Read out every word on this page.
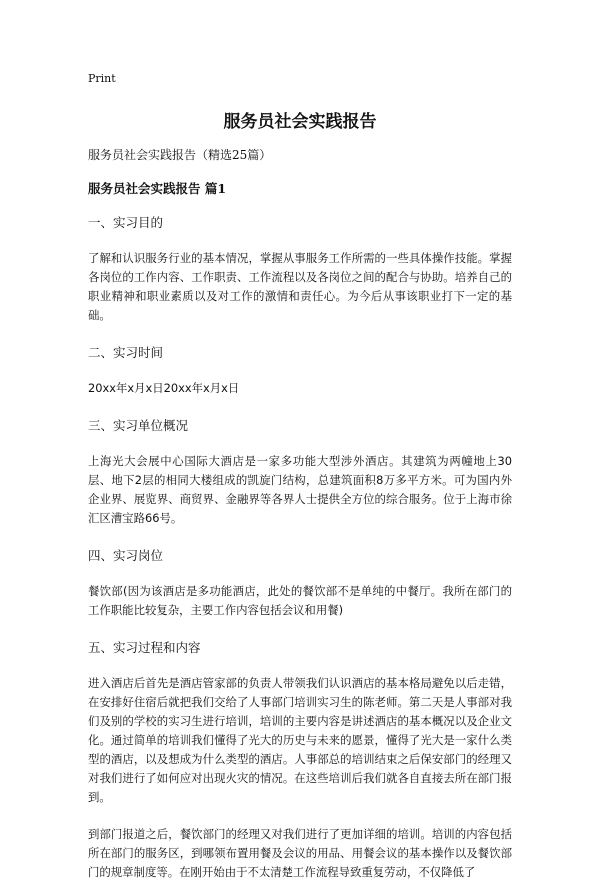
Print
服务员社会实践报告
服务员社会实践报告（精选25篇）
服务员社会实践报告 篇1
一、实习目的

了解和认识服务行业的基本情况，掌握从事服务工作所需的一些具体操作技能。掌握各岗位的工作内容、工作职责、工作流程以及各岗位之间的配合与协助。培养自己的职业精神和职业素质以及对工作的激情和责任心。为今后从事该职业打下一定的基础。

二、实习时间

20xx年x月x日20xx年x月x日

三、实习单位概况

上海光大会展中心国际大酒店是一家多功能大型涉外酒店。其建筑为两幢地上30层、地下2层的相同大楼组成的凯旋门结构，总建筑面积8万多平方米。可为国内外企业界、展览界、商贸界、金融界等各界人士提供全方位的综合服务。位于上海市徐汇区漕宝路66号。

四、实习岗位

餐饮部(因为该酒店是多功能酒店，此处的餐饮部不是单纯的中餐厅。我所在部门的工作职能比较复杂，主要工作内容包括会议和用餐)

五、实习过程和内容

进入酒店后首先是酒店管家部的负责人带领我们认识酒店的基本格局避免以后走错，在安排好住宿后就把我们交给了人事部门培训实习生的陈老师。第二天是人事部对我们及别的学校的实习生进行培训，培训的主要内容是讲述酒店的基本概况以及企业文化。通过简单的培训我们懂得了光大的历史与未来的愿景，懂得了光大是一家什么类型的酒店，以及想成为什么类型的酒店。人事部总的培训结束之后保安部门的经理又对我们进行了如何应对出现火灾的情况。在这些培训后我们就各自直接去所在部门报到。

到部门报道之后，餐饮部门的经理又对我们进行了更加详细的培训。培训的内容包括所在部门的服务区，到哪领布置用餐及会议的用品、用餐会议的基本操作以及餐饮部门的规章制度等。在刚开始由于不太清楚工作流程导致重复劳动，不仅降低了
